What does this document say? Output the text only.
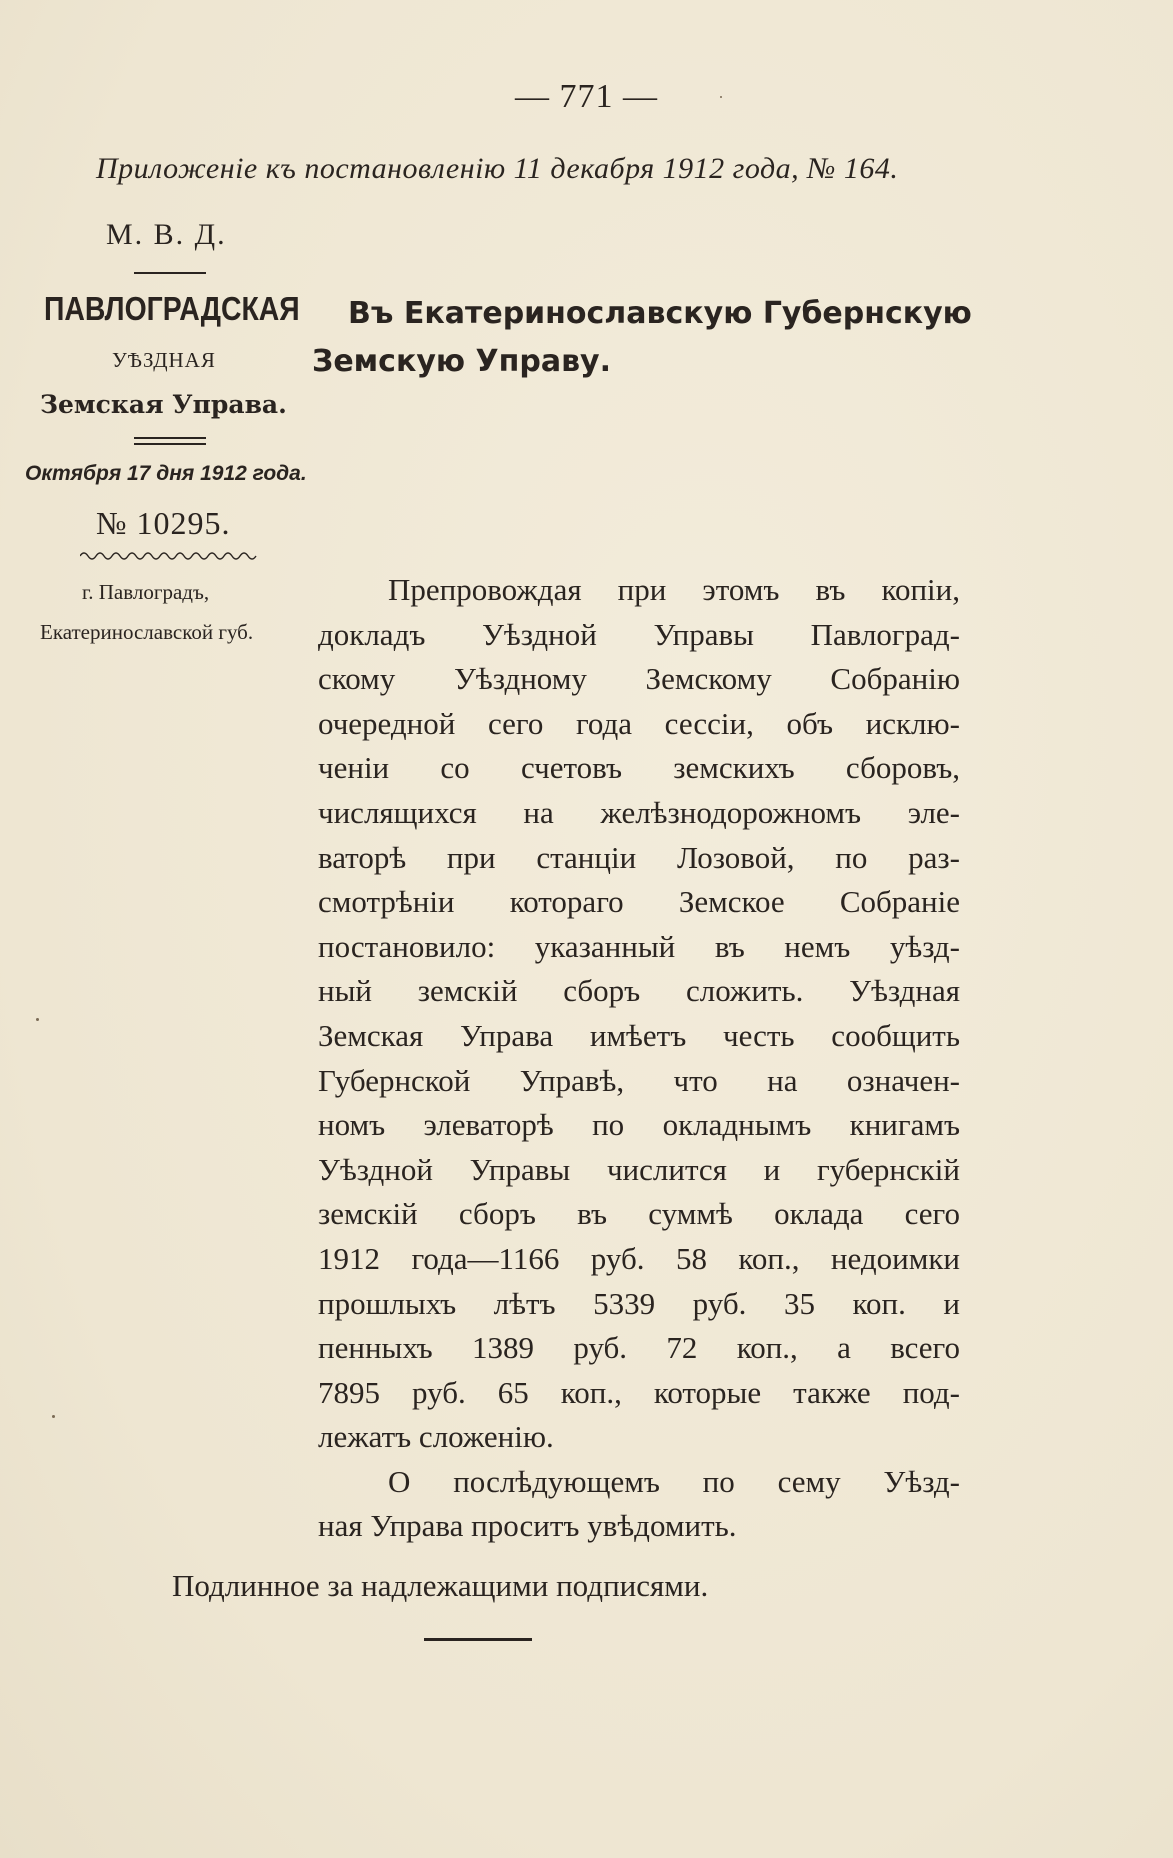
— 771 —
Приложенiе къ постановленiю 11 декабря 1912 года, № 164.
М. В. Д.
ПАВЛОГРАДСКАЯ
УѢЗДНАЯ
Земская Управа.
Октября 17 дня 1912 года.
№ 10295.
г. Павлоградъ,
Екатеринославской губ.
Въ Екатеринославскую Губернскую
Земскую Управу.
Препровождая при этомъ въ копiи,
докладъ Уѣздной Управы Павлоград-
скому Уѣздному Земскому Собранiю
очередной сего года сессiи, объ исклю-
ченiи со счетовъ земскихъ сборовъ,
числящихся на желѣзнодорожномъ эле-
ваторѣ при станцiи Лозовой, по раз-
смотрѣнiи котораго Земское Собранiе
постановило: указанный въ немъ уѣзд-
ный земскiй сборъ сложить. Уѣздная
Земская Управа имѣетъ честь сообщить
Губернской Управѣ, что на означен-
номъ элеваторѣ по окладнымъ книгамъ
Уѣздной Управы числится и губернскiй
земскiй сборъ въ суммѣ оклада сего
1912 года—1166 руб. 58 коп., недоимки
прошлыхъ лѣтъ 5339 руб. 35 коп. и
пенныхъ 1389 руб. 72 коп., а всего
7895 руб. 65 коп., которые также под-
лежатъ сложенiю.
О послѣдующемъ по сему Уѣзд-
ная Управа проситъ увѣдомить.
Подлинное за надлежащими подписями.
